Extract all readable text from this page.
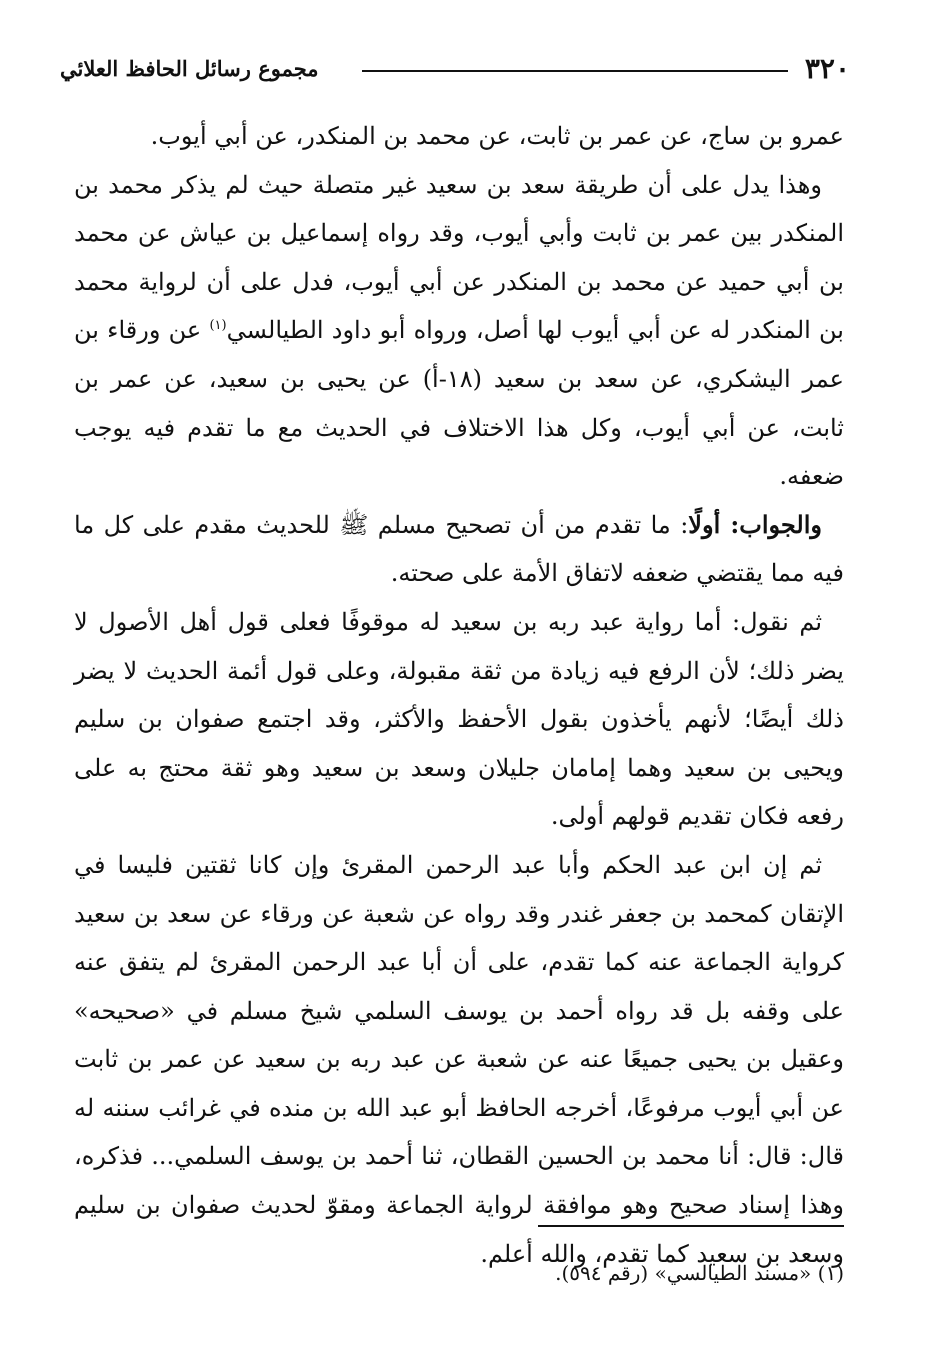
٣٢٠
مجموع رسائل الحافظ العلائي

عمرو بن ساج، عن عمر بن ثابت، عن محمد بن المنكدر، عن أبي أيوب.

وهذا يدل على أن طريقة سعد بن سعيد غير متصلة حيث لم يذكر محمد بن المنكدر بين عمر بن ثابت وأبي أيوب، وقد رواه إسماعيل بن عياش عن محمد بن أبي حميد عن محمد بن المنكدر عن أبي أيوب، فدل على أن لرواية محمد بن المنكدر له عن أبي أيوب لها أصل، ورواه أبو داود الطيالسي$^{(١)}$ عن ورقاء بن عمر اليشكري، عن سعد بن سعيد (١٨-أ) عن يحيى بن سعيد، عن عمر بن ثابت، عن أبي أيوب، وكل هذا الاختلاف في الحديث مع ما تقدم فيه يوجب ضعفه.

والجواب: أولًا: ما تقدم من أن تصحيح مسلم ﷺ للحديث مقدم على كل ما فيه مما يقتضي ضعفه لاتفاق الأمة على صحته.

ثم نقول: أما رواية عبد ربه بن سعيد له موقوفًا فعلى قول أهل الأصول لا يضر ذلك؛ لأن الرفع فيه زيادة من ثقة مقبولة، وعلى قول أئمة الحديث لا يضر ذلك أيضًا؛ لأنهم يأخذون بقول الأحفظ والأكثر، وقد اجتمع صفوان بن سليم ويحيى بن سعيد وهما إمامان جليلان وسعد بن سعيد وهو ثقة محتج به على رفعه فكان تقديم قولهم أولى.

ثم إن ابن عبد الحكم وأبا عبد الرحمن المقرئ وإن كانا ثقتين فليسا في الإتقان كمحمد بن جعفر غندر وقد رواه عن شعبة عن ورقاء عن سعد بن سعيد كرواية الجماعة عنه كما تقدم، على أن أبا عبد الرحمن المقرئ لم يتفق عنه على وقفه بل قد رواه أحمد بن يوسف السلمي شيخ مسلم في «صحيحه» وعقيل بن يحيى جميعًا عنه عن شعبة عن عبد ربه بن سعيد عن عمر بن ثابت عن أبي أيوب مرفوعًا، أخرجه الحافظ أبو عبد الله بن منده في غرائب سننه له قال: قال: أنا محمد بن الحسين القطان، ثنا أحمد بن يوسف السلمي... فذكره، وهذا إسناد صحيح وهو موافقة لرواية الجماعة ومقوّ لحديث صفوان بن سليم وسعد بن سعيد كما تقدم، والله أعلم.

(١) «مسند الطيالسي» (رقم ٥٩٤).
